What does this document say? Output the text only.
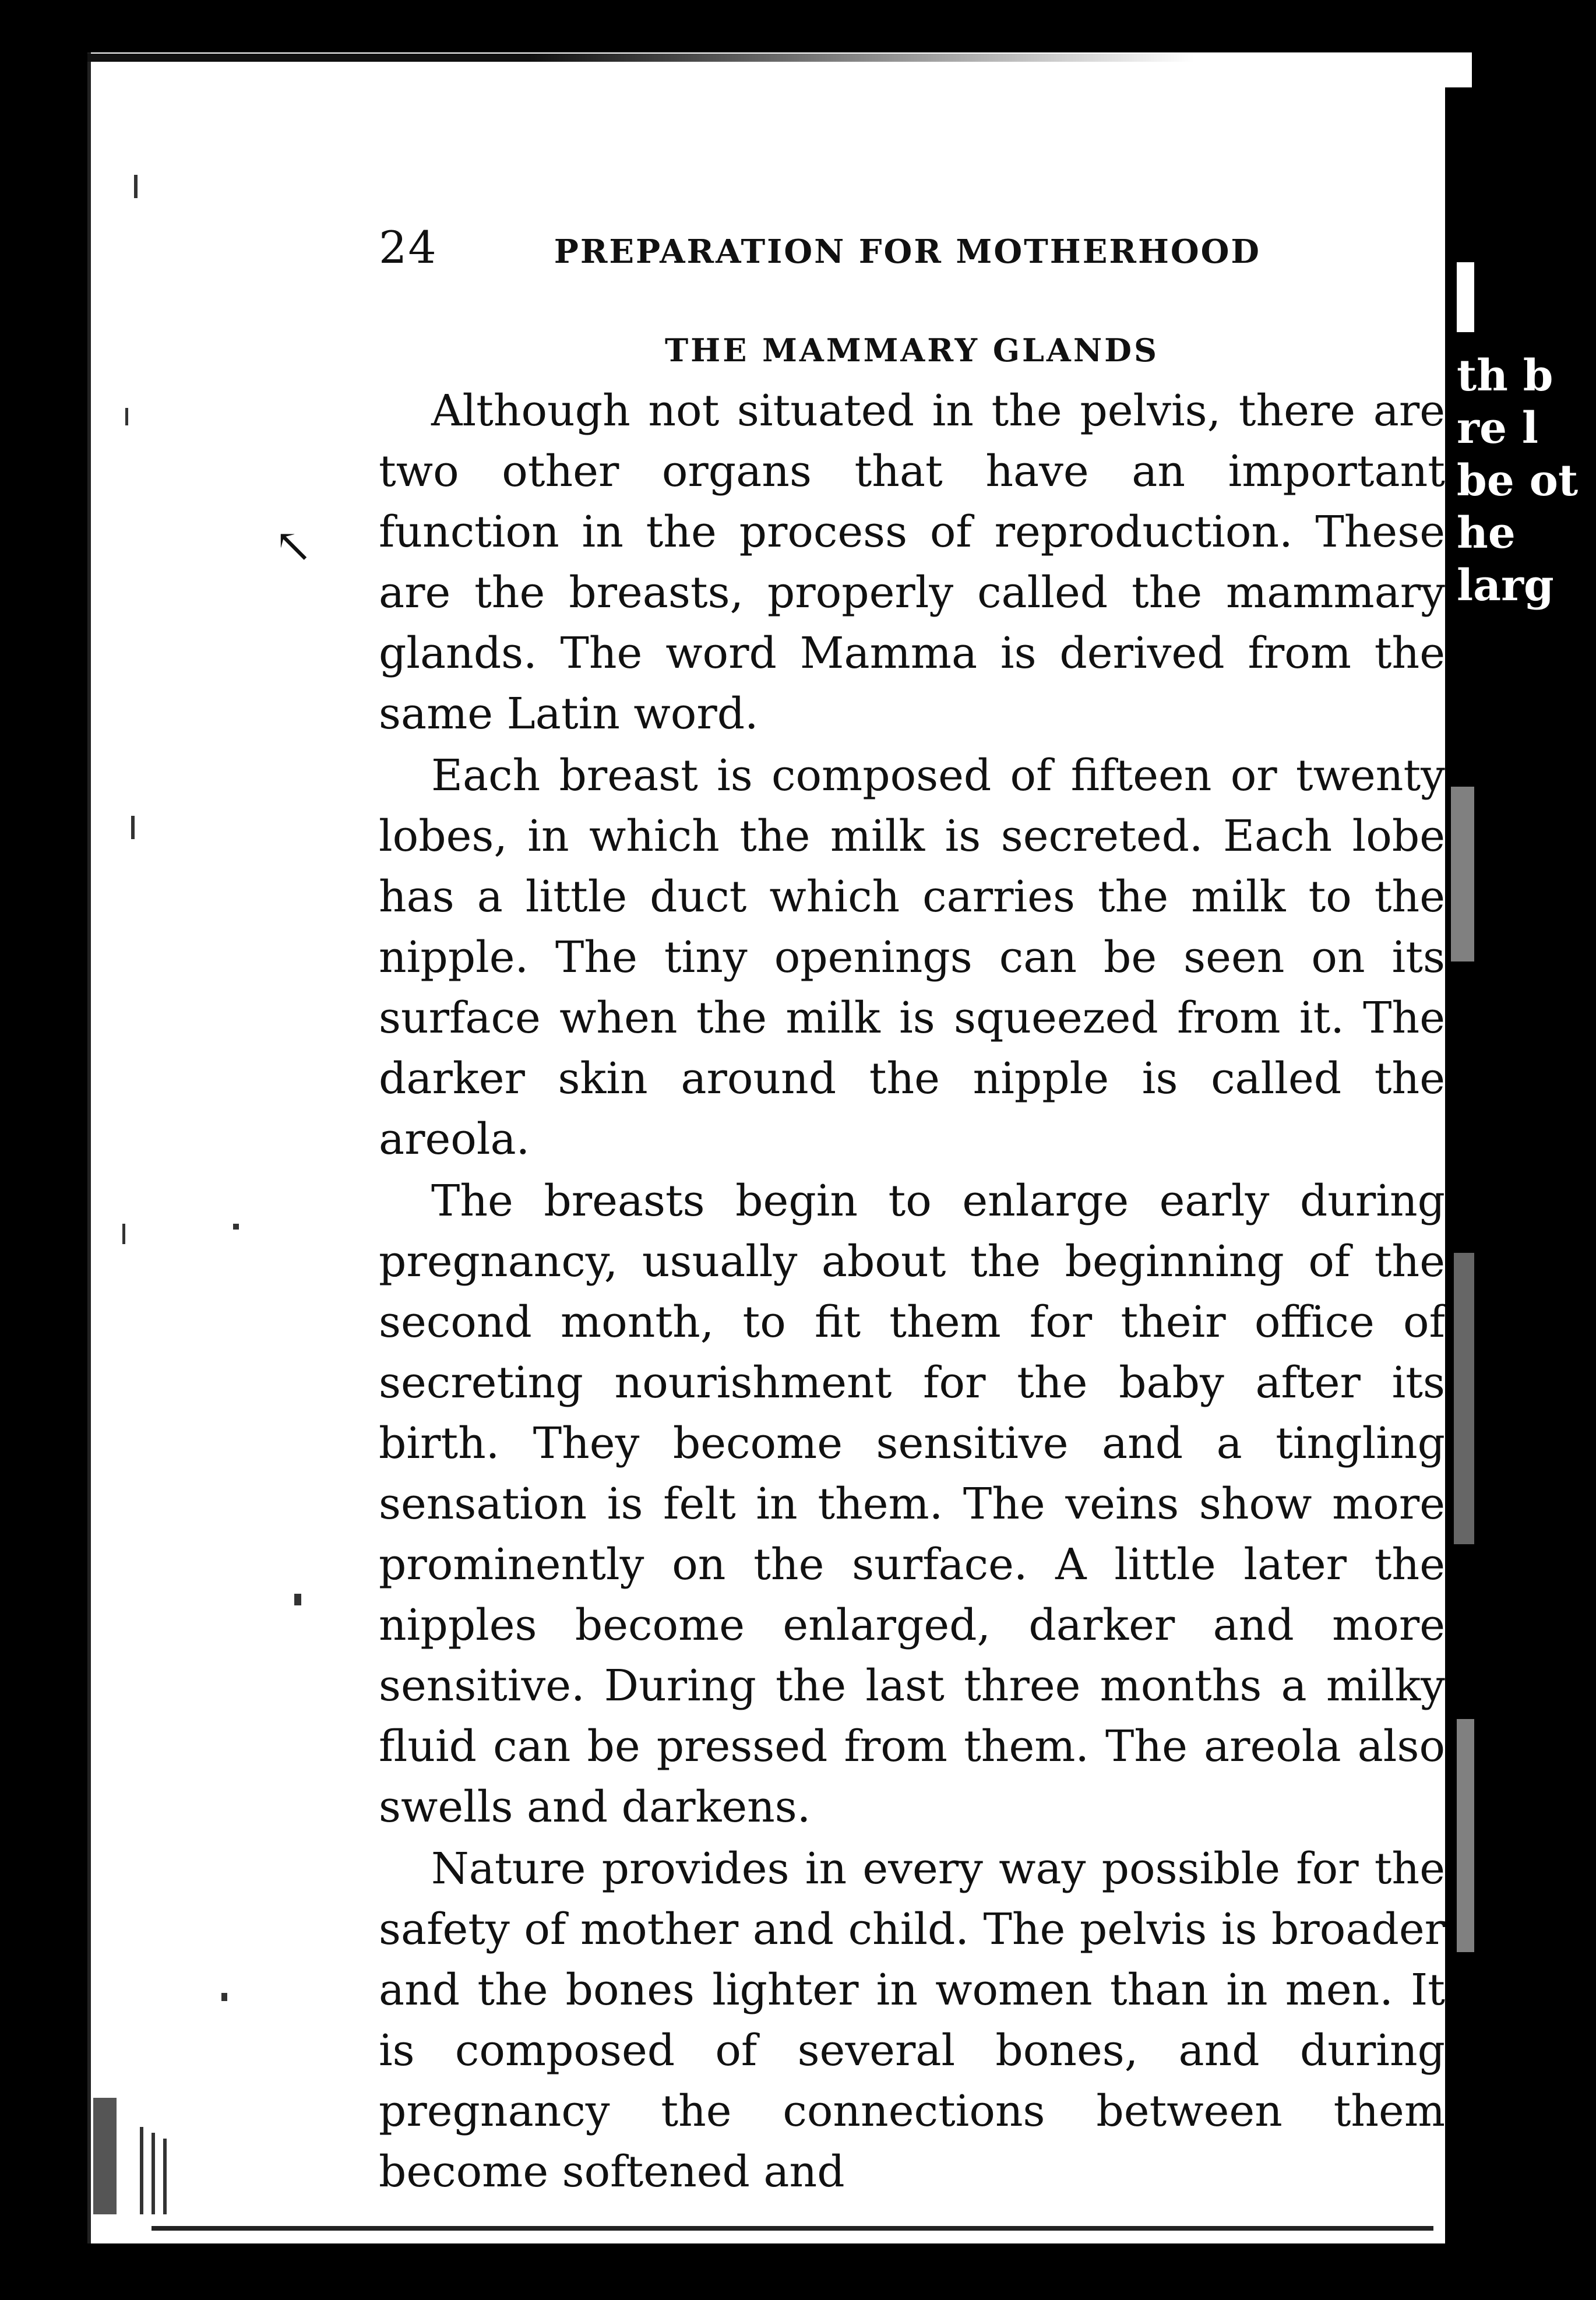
↖
24	PREPARATION FOR MOTHERHOOD
THE MAMMARY GLANDS

Although not situated in the pelvis, there are two other organs that have an important function in the process of reproduction. These are the breasts, properly called the mammary glands. The word Mamma is derived from the same Latin word.

Each breast is composed of fifteen or twenty lobes, in which the milk is secreted. Each lobe has a little duct which carries the milk to the nipple. The tiny openings can be seen on its surface when the milk is squeezed from it. The darker skin around the nipple is called the areola.

The breasts begin to enlarge early during pregnancy, usually about the beginning of the second month, to fit them for their office of secreting nourishment for the baby after its birth. They become sensitive and a tingling sensation is felt in them. The veins show more prominently on the surface. A little later the nipples become enlarged, darker and more sensitive. During the last three months a milky fluid can be pressed from them. The areola also swells and darkens.

Nature provides in every way possible for the safety of mother and child. The pelvis is broader and the bones lighter in women than in men. It is composed of several bones, and during pregnancy the connections between them become softened and

th b
re l
be ot
he
larg
